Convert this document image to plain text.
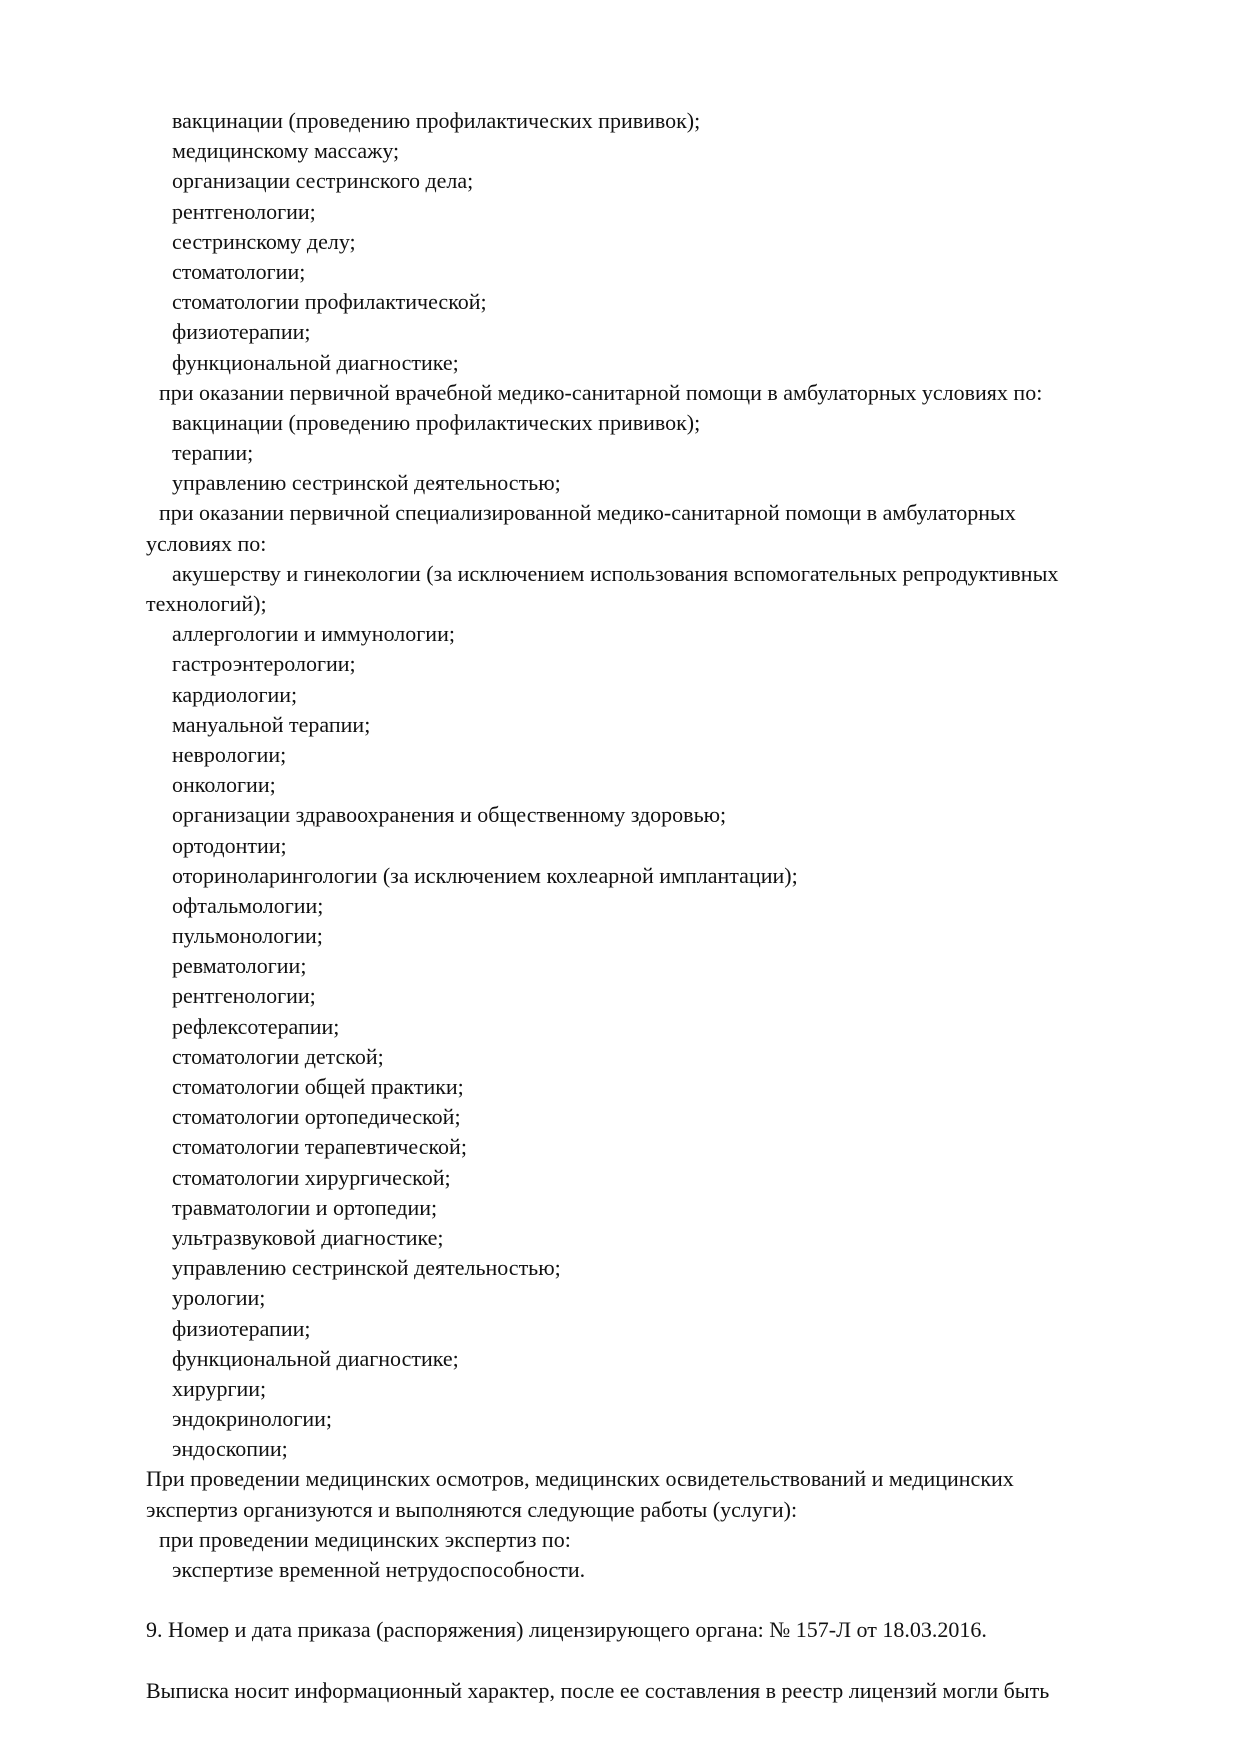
вакцинации (проведению профилактических прививок);
медицинскому массажу;
организации сестринского дела;
рентгенологии;
сестринскому делу;
стоматологии;
стоматологии профилактической;
физиотерапии;
функциональной диагностике;
при оказании первичной врачебной медико-санитарной помощи в амбулаторных условиях по:
вакцинации (проведению профилактических прививок);
терапии;
управлению сестринской деятельностью;
при оказании первичной специализированной медико-санитарной помощи в амбулаторных
условиях по:
акушерству и гинекологии (за исключением использования вспомогательных репродуктивных
технологий);
аллергологии и иммунологии;
гастроэнтерологии;
кардиологии;
мануальной терапии;
неврологии;
онкологии;
организации здравоохранения и общественному здоровью;
ортодонтии;
оториноларингологии (за исключением кохлеарной имплантации);
офтальмологии;
пульмонологии;
ревматологии;
рентгенологии;
рефлексотерапии;
стоматологии детской;
стоматологии общей практики;
стоматологии ортопедической;
стоматологии терапевтической;
стоматологии хирургической;
травматологии и ортопедии;
ультразвуковой диагностике;
управлению сестринской деятельностью;
урологии;
физиотерапии;
функциональной диагностике;
хирургии;
эндокринологии;
эндоскопии;
При проведении медицинских осмотров, медицинских освидетельствований и медицинских
экспертиз организуются и выполняются следующие работы (услуги):
при проведении медицинских экспертиз по:
экспертизе временной нетрудоспособности.
9. Номер и дата приказа (распоряжения) лицензирующего органа: № 157-Л от 18.03.2016.
Выписка носит информационный характер, после ее составления в реестр лицензий могли быть
